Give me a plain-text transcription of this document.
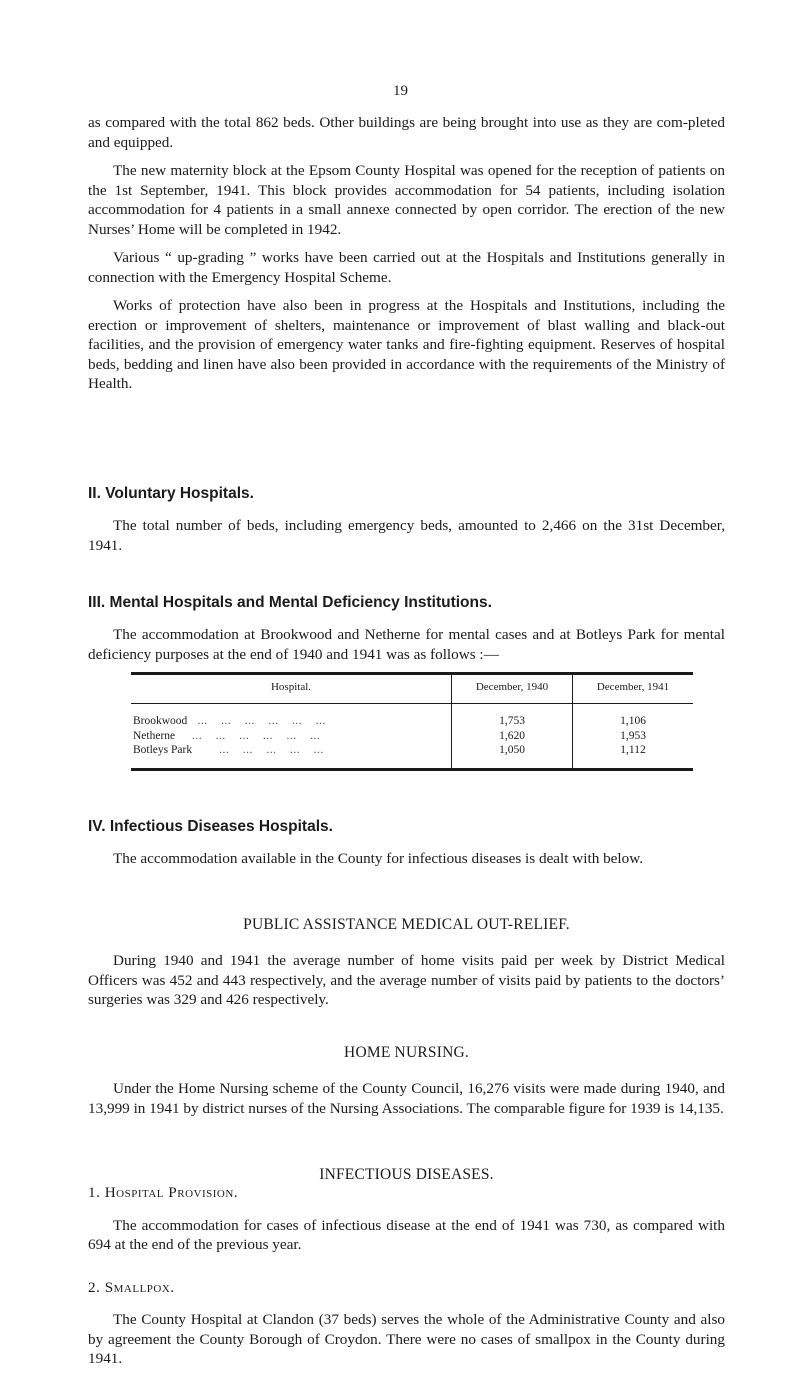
19

as compared with the total 862 beds. Other buildings are being brought into use as they are com-pleted and equipped.

The new maternity block at the Epsom County Hospital was opened for the reception of patients on the 1st September, 1941. This block provides accommodation for 54 patients, including isolation accommodation for 4 patients in a small annexe connected by open corridor. The erection of the new Nurses’ Home will be completed in 1942.

Various “ up-grading ” works have been carried out at the Hospitals and Institutions generally in connection with the Emergency Hospital Scheme.

Works of protection have also been in progress at the Hospitals and Institutions, including the erection or improvement of shelters, maintenance or improvement of blast walling and black-out facilities, and the provision of emergency water tanks and fire-fighting equipment. Reserves of hospital beds, bedding and linen have also been provided in accordance with the requirements of the Ministry of Health.

II. Voluntary Hospitals.

The total number of beds, including emergency beds, amounted to 2,466 on the 31st December, 1941.

III. Mental Hospitals and Mental Deficiency Institutions.

The accommodation at Brookwood and Netherne for mental cases and at Botleys Park for mental deficiency purposes at the end of 1940 and 1941 was as follows :—

Hospital.	December, 1940	December, 1941
Brookwood   ...    ...    ...    ...    ...    ...	1,753	1,106
Netherne     ...    ...    ...    ...    ...    ...	1,620	1,953
Botleys Park        ...    ...    ...    ...    ...	1,050	1,112

IV. Infectious Diseases Hospitals.

The accommodation available in the County for infectious diseases is dealt with below.

PUBLIC ASSISTANCE MEDICAL OUT-RELIEF.

During 1940 and 1941 the average number of home visits paid per week by District Medical Officers was 452 and 443 respectively, and the average number of visits paid by patients to the doctors’ surgeries was 329 and 426 respectively.

HOME NURSING.

Under the Home Nursing scheme of the County Council, 16,276 visits were made during 1940, and 13,999 in 1941 by district nurses of the Nursing Associations. The comparable figure for 1939 is 14,135.

INFECTIOUS DISEASES.

1. Hospital Provision.

The accommodation for cases of infectious disease at the end of 1941 was 730, as compared with 694 at the end of the previous year.

2. Smallpox.

The County Hospital at Clandon (37 beds) serves the whole of the Administrative County and also by agreement the County Borough of Croydon. There were no cases of smallpox in the County during 1941.
